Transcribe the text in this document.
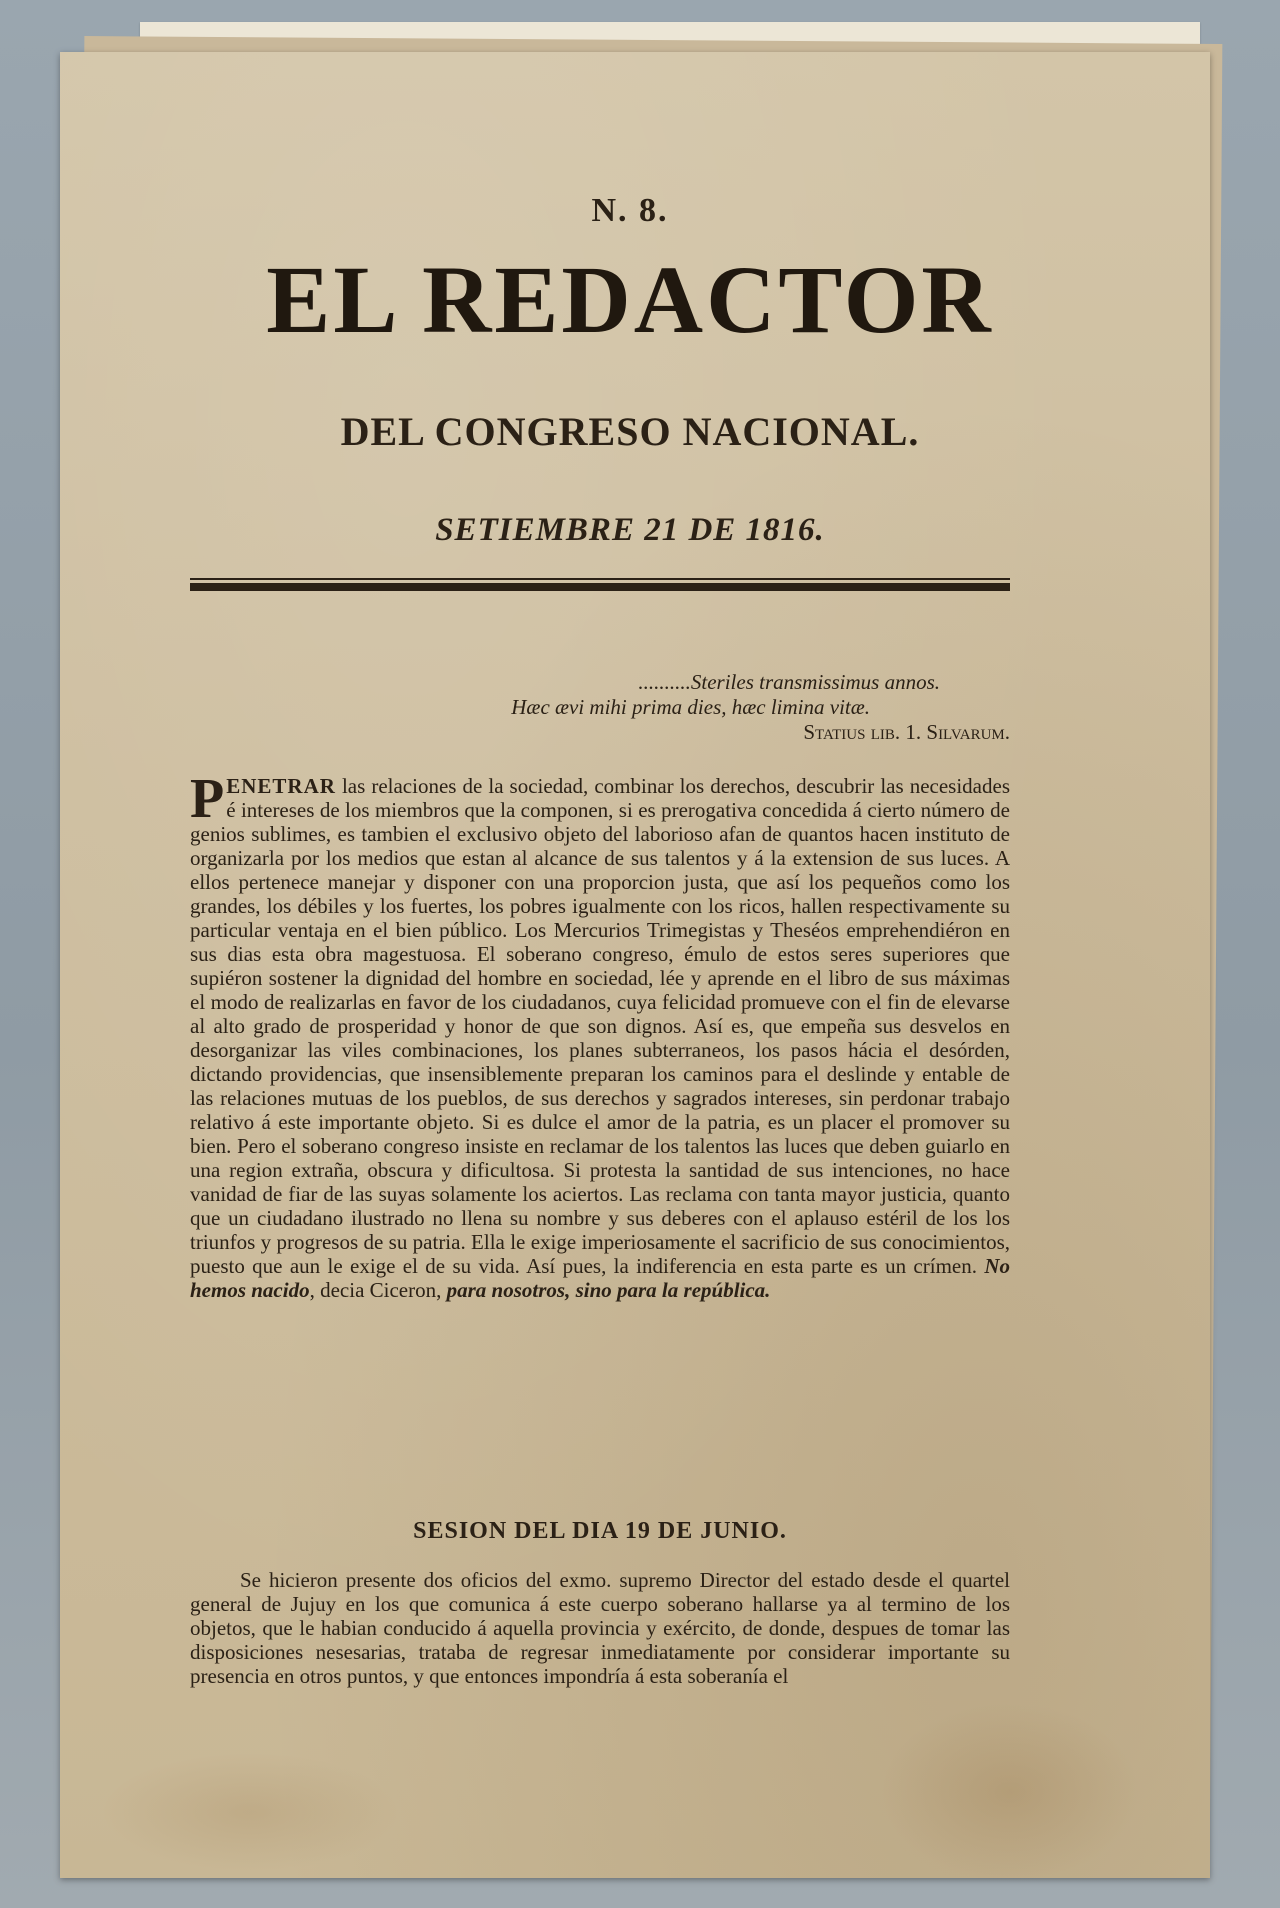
N. 8.
EL REDACTOR
DEL CONGRESO NACIONAL.
SETIEMBRE 21 DE 1816.
..........Steriles transmissimus annos.
Hæc ævi mihi prima dies, hæc limina vitæ.
Statius lib. 1. Silvarum.
PENETRAR las relaciones de la sociedad, combinar los derechos, descubrir las necesidades é intereses de los miembros que la componen, si es prerogativa concedida á cierto número de genios sublimes, es tambien el exclusivo objeto del laborioso afan de quantos hacen instituto de organizarla por los medios que estan al alcance de sus talentos y á la extension de sus luces. A ellos pertenece manejar y disponer con una proporcion justa, que así los pequeños como los grandes, los débiles y los fuertes, los pobres igualmente con los ricos, hallen respectivamente su particular ventaja en el bien público. Los Mercurios Trimegistas y Theséos emprehendiéron en sus dias esta obra magestuosa. El soberano congreso, émulo de estos seres superiores que supiéron sostener la dignidad del hombre en sociedad, lée y aprende en el libro de sus máximas el modo de realizarlas en favor de los ciudadanos, cuya felicidad promueve con el fin de elevarse al alto grado de prosperidad y honor de que son dignos. Así es, que empeña sus desvelos en desorganizar las viles combinaciones, los planes subterraneos, los pasos hácia el desórden, dictando providencias, que insensiblemente preparan los caminos para el deslinde y entable de las relaciones mutuas de los pueblos, de sus derechos y sagrados intereses, sin perdonar trabajo relativo á este importante objeto. Si es dulce el amor de la patria, es un placer el promover su bien. Pero el soberano congreso insiste en reclamar de los talentos las luces que deben guiarlo en una region extraña, obscura y dificultosa. Si protesta la santidad de sus intenciones, no hace vanidad de fiar de las suyas solamente los aciertos. Las reclama con tanta mayor justicia, quanto que un ciudadano ilustrado no llena su nombre y sus deberes con el aplauso estéril de los los triunfos y progresos de su patria. Ella le exige imperiosamente el sacrificio de sus conocimientos, puesto que aun le exige el de su vida. Así pues, la indiferencia en esta parte es un crímen. No hemos nacido, decia Ciceron, para nosotros, sino para la república.
SESION DEL DIA 19 DE JUNIO.
Se hicieron presente dos oficios del exmo. supremo Director del estado desde el quartel general de Jujuy en los que comunica á este cuerpo soberano hallarse ya al termino de los objetos, que le habian conducido á aquella provincia y exército, de donde, despues de tomar las disposiciones nesesarias, trataba de regresar inmediatamente por considerar importante su presencia en otros puntos, y que entonces impondría á esta soberanía el
